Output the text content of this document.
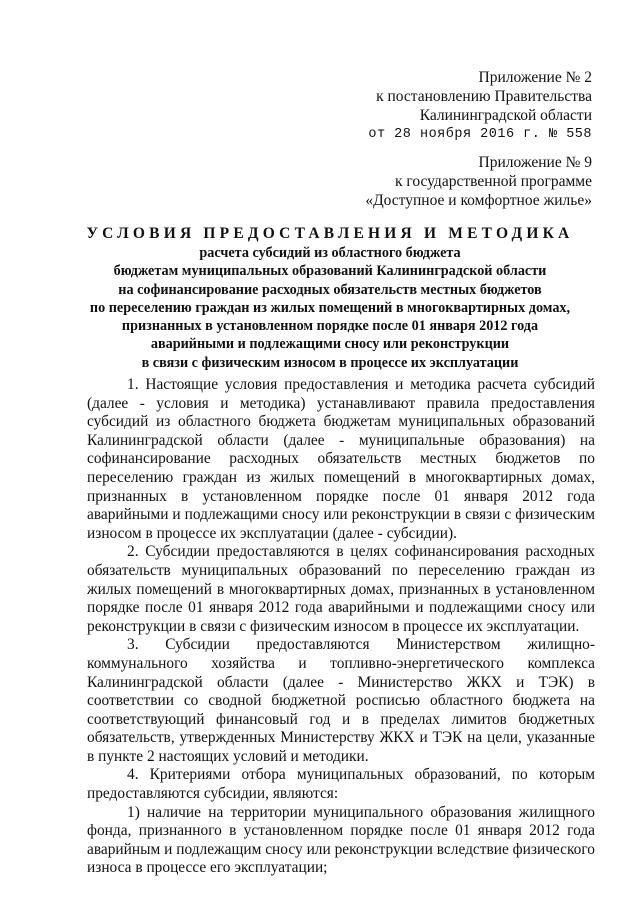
Приложение № 2
к постановлению Правительства
Калининградской области
от 28 ноября 2016 г. № 558
Приложение № 9
к государственной программе
«Доступное и комфортное жилье»
УСЛОВИЯ ПРЕДОСТАВЛЕНИЯ И МЕТОДИКА
расчета субсидий из областного бюджета
бюджетам муниципальных образований Калининградской области
на софинансирование расходных обязательств местных бюджетов
по переселению граждан из жилых помещений в многоквартирных домах,
признанных в установленном порядке после 01 января 2012 года
аварийными и подлежащими сносу или реконструкции
в связи с физическим износом в процессе их эксплуатации

1. Настоящие условия предоставления и методика расчета субсидий (далее - условия и методика) устанавливают правила предоставления субсидий из областного бюджета бюджетам муниципальных образований Калининградской области (далее - муниципальные образования) на софинансирование расходных обязательств местных бюджетов по переселению граждан из жилых помещений в многоквартирных домах, признанных в установленном порядке после 01 января 2012 года аварийными и подлежащими сносу или реконструкции в связи с физическим износом в процессе их эксплуатации (далее - субсидии).

2. Субсидии предоставляются в целях софинансирования расходных обязательств муниципальных образований по переселению граждан из жилых помещений в многоквартирных домах, признанных в установленном порядке после 01 января 2012 года аварийными и подлежащими сносу или реконструкции в связи с физическим износом в процессе их эксплуатации.

3. Субсидии предоставляются Министерством жилищно-коммунального хозяйства и топливно-энергетического комплекса Калининградской области (далее - Министерство ЖКХ и ТЭК) в соответствии со сводной бюджетной росписью областного бюджета на соответствующий финансовый год и в пределах лимитов бюджетных обязательств, утвержденных Министерству ЖКХ и ТЭК на цели, указанные в пункте 2 настоящих условий и методики.

4. Критериями отбора муниципальных образований, по которым предоставляются субсидии, являются:

1) наличие на территории муниципального образования жилищного фонда, признанного в установленном порядке после 01 января 2012 года аварийным и подлежащим сносу или реконструкции вследствие физического износа в процессе его эксплуатации;
